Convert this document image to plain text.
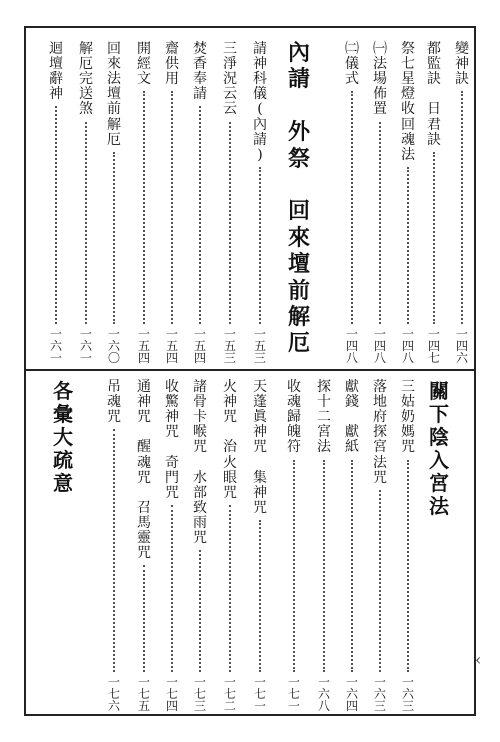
內
請

外
祭

回
來
壇
前
解
厄
關
下
陰
入
宮
法
各
彙
大
疏
意
變
神
訣
一
四
六
都
監
訣

日
君
訣
一
四
七
祭
七
星
燈
收
回
魂
法
一
四
八
㈠
法
場
佈
置
一
四
八
㈡
儀
式
一
四
八
請
神
科
儀
(
內
請
)
一
五
三
三
淨
況
云
云
一
五
三
焚
香
奉
請
一
五
四
齋
供
用
一
五
四
開
經
文
一
五
四
回
來
法
壇
前
解
厄
一
六
〇
解
厄
完
送
煞
一
六
一
迴
壇
辭
神
一
六
一
三
姑
奶
媽
咒
一
六
三
落
地
府
探
宮
法
咒
一
六
三
獻
錢

獻
紙
一
六
四
探
十
二
宮
法
一
六
八
收
魂
歸
魄
符
一
七
一
天
蓬
眞
神
咒

集
神
咒
一
七
一
火
神
咒

治
火
眼
咒
一
七
二
諸
骨
卡
喉
咒

水
部
致
雨
咒
一
七
三
收
驚
神
咒

奇
門
咒
一
七
四
通
神
咒

醒
魂
咒

召
馬
靈
咒
一
七
五
吊
魂
咒
一
七
六
‹
